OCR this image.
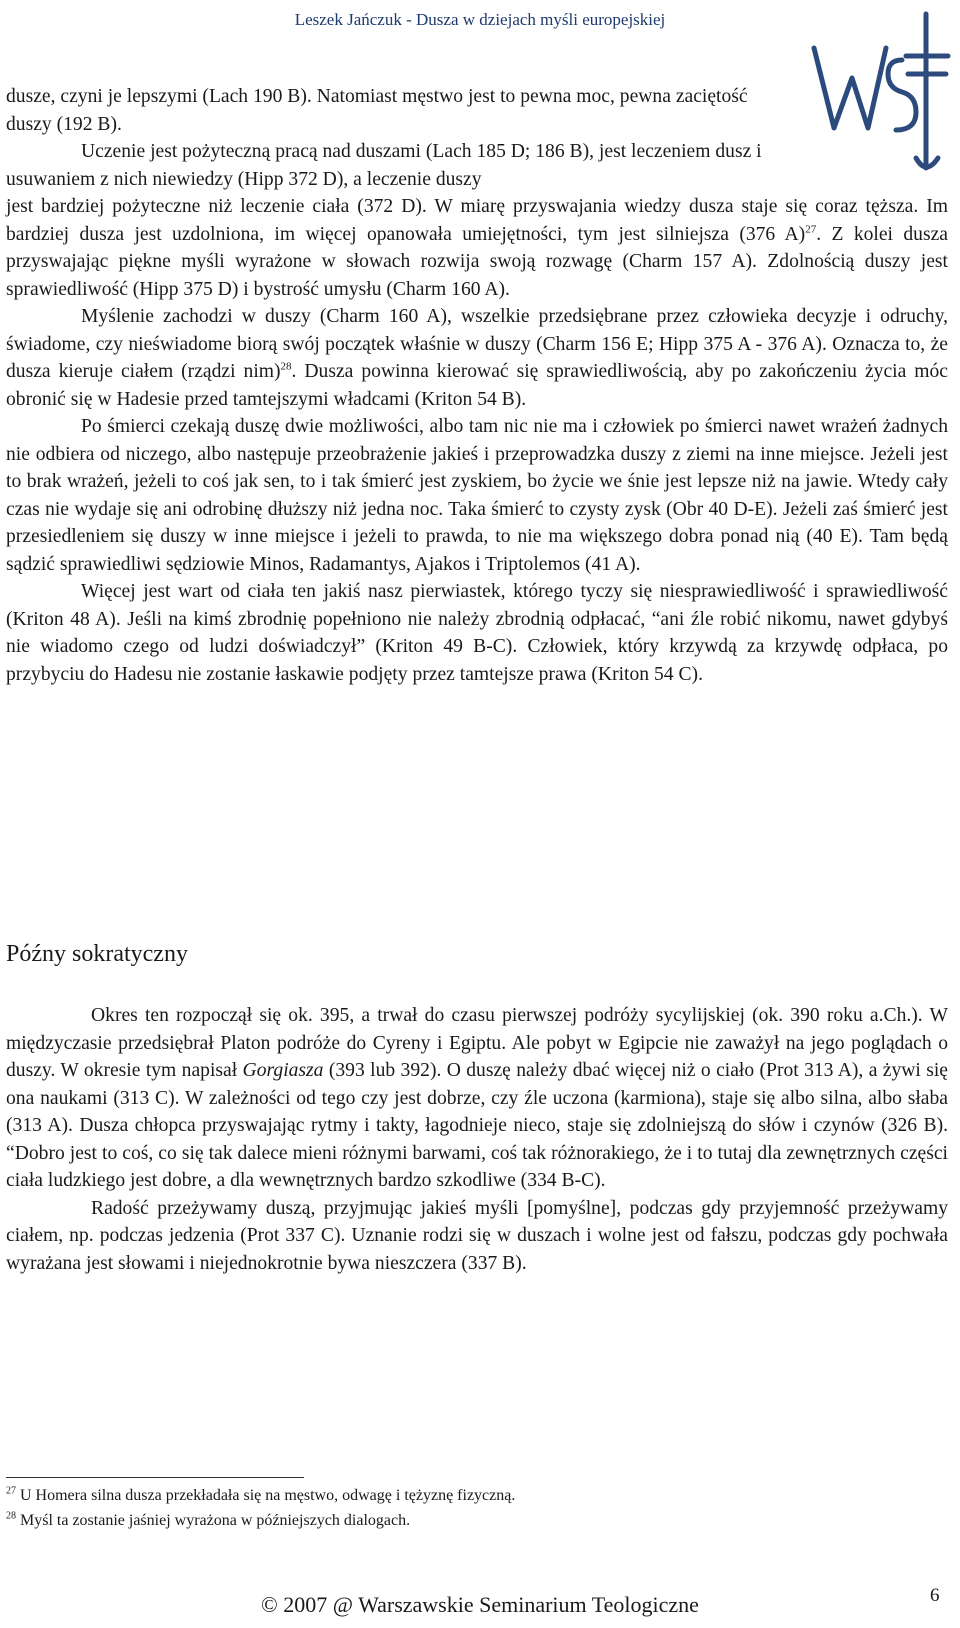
Leszek Jańczuk - Dusza w dziejach myśli europejskiej

dusze, czyni je lepszymi (Lach 190 B). Natomiast męstwo jest to pewna moc, pewna zaciętość duszy (192 B).

Uczenie jest pożyteczną pracą nad duszami (Lach 185 D; 186 B), jest leczeniem dusz i usuwaniem z nich niewiedzy (Hipp 372 D), a leczenie duszy

jest bardziej pożyteczne niż leczenie ciała (372 D). W miarę przyswajania wiedzy dusza staje się coraz tęższa. Im bardziej dusza jest uzdolniona, im więcej opanowała umiejętności, tym jest silniejsza (376 A)$^{27}$. Z kolei dusza przyswajając piękne myśli wyrażone w słowach rozwija swoją rozwagę (Charm 157 A). Zdolnością duszy jest sprawiedliwość (Hipp 375 D) i bystrość umysłu (Charm 160 A).

Myślenie zachodzi w duszy (Charm 160 A), wszelkie przedsiębrane przez człowieka decyzje i odruchy, świadome, czy nieświadome biorą swój początek właśnie w duszy (Charm 156 E; Hipp 375 A - 376 A). Oznacza to, że dusza kieruje ciałem (rządzi nim)$^{28}$. Dusza powinna kierować się sprawiedliwością, aby po zakończeniu życia móc obronić się w Hadesie przed tamtejszymi władcami (Kriton 54 B).

Po śmierci czekają duszę dwie możliwości, albo tam nic nie ma i człowiek po śmierci nawet wrażeń żadnych nie odbiera od niczego, albo następuje przeobrażenie jakieś i przeprowadzka duszy z ziemi na inne miejsce. Jeżeli jest to brak wrażeń, jeżeli to coś jak sen, to i tak śmierć jest zyskiem, bo życie we śnie jest lepsze niż na jawie. Wtedy cały czas nie wydaje się ani odrobinę dłuższy niż jedna noc. Taka śmierć to czysty zysk (Obr 40 D-E). Jeżeli zaś śmierć jest przesiedleniem się duszy w inne miejsce i jeżeli to prawda, to nie ma większego dobra ponad nią (40 E). Tam będą sądzić sprawiedliwi sędziowie Minos, Radamantys, Ajakos i Triptolemos (41 A).

Więcej jest wart od ciała ten jakiś nasz pierwiastek, którego tyczy się niesprawiedliwość i sprawiedliwość (Kriton 48 A). Jeśli na kimś zbrodnię popełniono nie należy zbrodnią odpłacać, “ani źle robić nikomu, nawet gdybyś nie wiadomo czego od ludzi doświadczył” (Kriton 49 B-C). Człowiek, który krzywdą za krzywdę odpłaca, po przybyciu do Hadesu nie zostanie łaskawie podjęty przez tamtejsze prawa (Kriton 54 C).

Późny sokratyczny

Okres ten rozpoczął się ok. 395, a trwał do czasu pierwszej podróży sycylijskiej (ok. 390 roku a.Ch.). W międzyczasie przedsiębrał Platon podróże do Cyreny i Egiptu. Ale pobyt w Egipcie nie zaważył na jego poglądach o duszy. W okresie tym napisał Gorgiasza (393 lub 392). O duszę należy dbać więcej niż o ciało (Prot 313 A), a żywi się ona naukami (313 C). W zależności od tego czy jest dobrze, czy źle uczona (karmiona), staje się albo silna, albo słaba (313 A). Dusza chłopca przyswajając rytmy i takty, łagodnieje nieco, staje się zdolniejszą do słów i czynów (326 B). “Dobro jest to coś, co się tak dalece mieni różnymi barwami, coś tak różnorakiego, że i to tutaj dla zewnętrznych części ciała ludzkiego jest dobre, a dla wewnętrznych bardzo szkodliwe (334 B-C).

Radość przeżywamy duszą, przyjmując jakieś myśli [pomyślne], podczas gdy przyjemność przeżywamy ciałem, np. podczas jedzenia (Prot 337 C). Uznanie rodzi się w duszach i wolne jest od fałszu, podczas gdy pochwała wyrażana jest słowami i niejednokrotnie bywa nieszczera (337 B).

$^{27}$ U Homera silna dusza przekładała się na męstwo, odwagę i tężyznę fizyczną.
$^{28}$ Myśl ta zostanie jaśniej wyrażona w późniejszych dialogach.
© 2007 @ Warszawskie Seminarium Teologiczne	6
